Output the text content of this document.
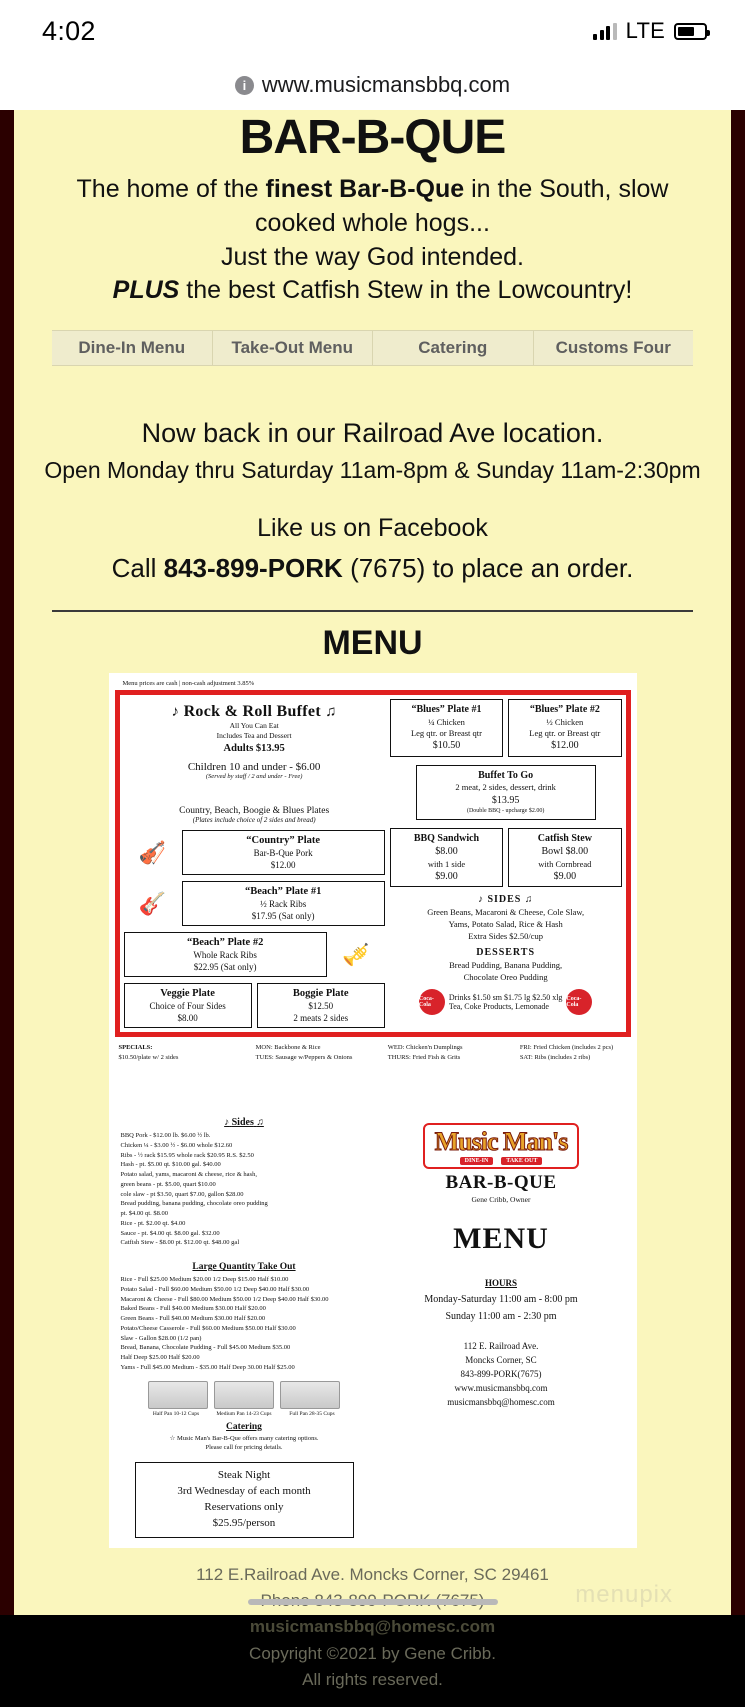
4:02	LTE
i www.musicmansbbq.com
BAR-B-QUE
The home of the finest Bar-B-Que in the South, slow cooked whole hogs...
Just the way God intended.
PLUS the best Catfish Stew in the Lowcountry!
Dine-In Menu	Take-Out Menu	Catering	Customs Four
Now back in our Railroad Ave location.
Open Monday thru Saturday 11am-8pm & Sunday 11am-2:30pm
Like us on Facebook
Call 843-899-PORK (7675) to place an order.
MENU
Menu prices are cash | non-cash adjustment 3.85%
♪ Rock & Roll Buffet ♫
All You Can Eat
Includes Tea and Dessert
Adults $13.95
Children 10 and under - $6.00
(Served by staff / 2 and under - Free)
Country, Beach, Boogie & Blues Plates
(Plates include choice of 2 sides and bread)
🎻	“Country” Plate
Bar-B-Que Pork
$12.00
🎸	“Beach” Plate #1
½ Rack Ribs
$17.95 (Sat only)
“Beach” Plate #2
Whole Rack Ribs
$22.95 (Sat only)	🎺
Veggie Plate
Choice of Four Sides
$8.00
Boggie Plate
$12.50
2 meats 2 sides
“Blues” Plate #1
¼ Chicken
Leg qtr. or Breast qtr
$10.50
“Blues” Plate #2
½ Chicken
Leg qtr. or Breast qtr
$12.00
Buffet To Go
2 meat, 2 sides, dessert, drink
$13.95
(Double BBQ - upcharge $2.00)
BBQ Sandwich
$8.00
with 1 side
$9.00
Catfish Stew
Bowl $8.00
with Cornbread
$9.00
♪ SIDES ♫
Green Beans, Macaroni & Cheese, Cole Slaw,
Yams, Potato Salad, Rice & Hash
Extra Sides $2.50/cup
DESSERTS
Bread Pudding, Banana Pudding,
Chocolate Oreo Pudding
Coca-Cola
Drinks $1.50 sm $1.75 lg $2.50 xlg
Tea, Coke Products, Lemonade
Coca-Cola
SPECIALS:
$10.50/plate w/ 2 sides
MON: Backbone & Rice
TUES: Sausage w/Peppers & Onions
WED: Chicken'n Dumplings
THURS: Fried Fish & Grits
FRI: Fried Chicken (includes 2 pcs)
SAT: Ribs (includes 2 ribs)
♪ Sides ♫
BBQ Pork - $12.00 lb. $6.00 ½ lb.
Chicken ¼ - $3.00 ½ - $6.00 whole $12.60
Ribs - ½ rack $15.95 whole rack $20.95 R.S. $2.50
Hash - pt. $5.00 qt. $10.00 gal. $40.00
Potato salad, yams, macaroni & cheese, rice & hash,
green beans - pt. $5.00, quart $10.00
cole slaw - pt $3.50, quart $7.00, gallon $28.00
Bread pudding, banana pudding, chocolate oreo pudding
pt. $4.00 qt. $8.00
Rice - pt. $2.00 qt. $4.00
Sauce - pt. $4.00 qt. $8.00 gal. $32.00
Catfish Stew - $8.00 pt. $12.00 qt. $48.00 gal
Large Quantity Take Out
Rice - Full $25.00 Medium $20.00 1/2 Deep $15.00 Half $10.00
Potato Salad - Full $60.00 Medium $50.00 1/2 Deep $40.00 Half $30.00
Macaroni & Cheese - Full $80.00 Medium $50.00 1/2 Deep $40.00 Half $30.00
Baked Beans - Full $40.00 Medium $30.00 Half $20.00
Green Beans - Full $40.00 Medium $30.00 Half $20.00
Potato/Cheese Casserole - Full $60.00 Medium $50.00 Half $30.00
Slaw - Gallon $28.00 (1/2 pan)
Bread, Banana, Chocolate Pudding - Full $45.00 Medium $35.00
Half Deep $25.00 Half $20.00
Yams - Full $45.00 Medium - $35.00 Half Deep 30.00 Half $25.00
Half Pan 10-12 Cups	Medium Pan 14-23 Cups	Full Pan 28-35 Cups
Catering
☆ Music Man's Bar-B-Que offers many catering options.
Please call for pricing details.
Steak Night
3rd Wednesday of each month
Reservations only
$25.95/person
Music Man's
DINE-IN	TAKE OUT
BAR-B-QUE
Gene Cribb, Owner
MENU
HOURS
Monday-Saturday 11:00 am - 8:00 pm
Sunday 11:00 am - 2:30 pm
112 E. Railroad Ave.
Moncks Corner, SC
843-899-PORK(7675)
www.musicmansbbq.com
musicmansbbq@homesc.com
menupix
112 E.Railroad Ave. Moncks Corner, SC 29461
musicmansbbq@homesc.com
Copyright ©2021 by Gene Cribb.
All rights reserved.
